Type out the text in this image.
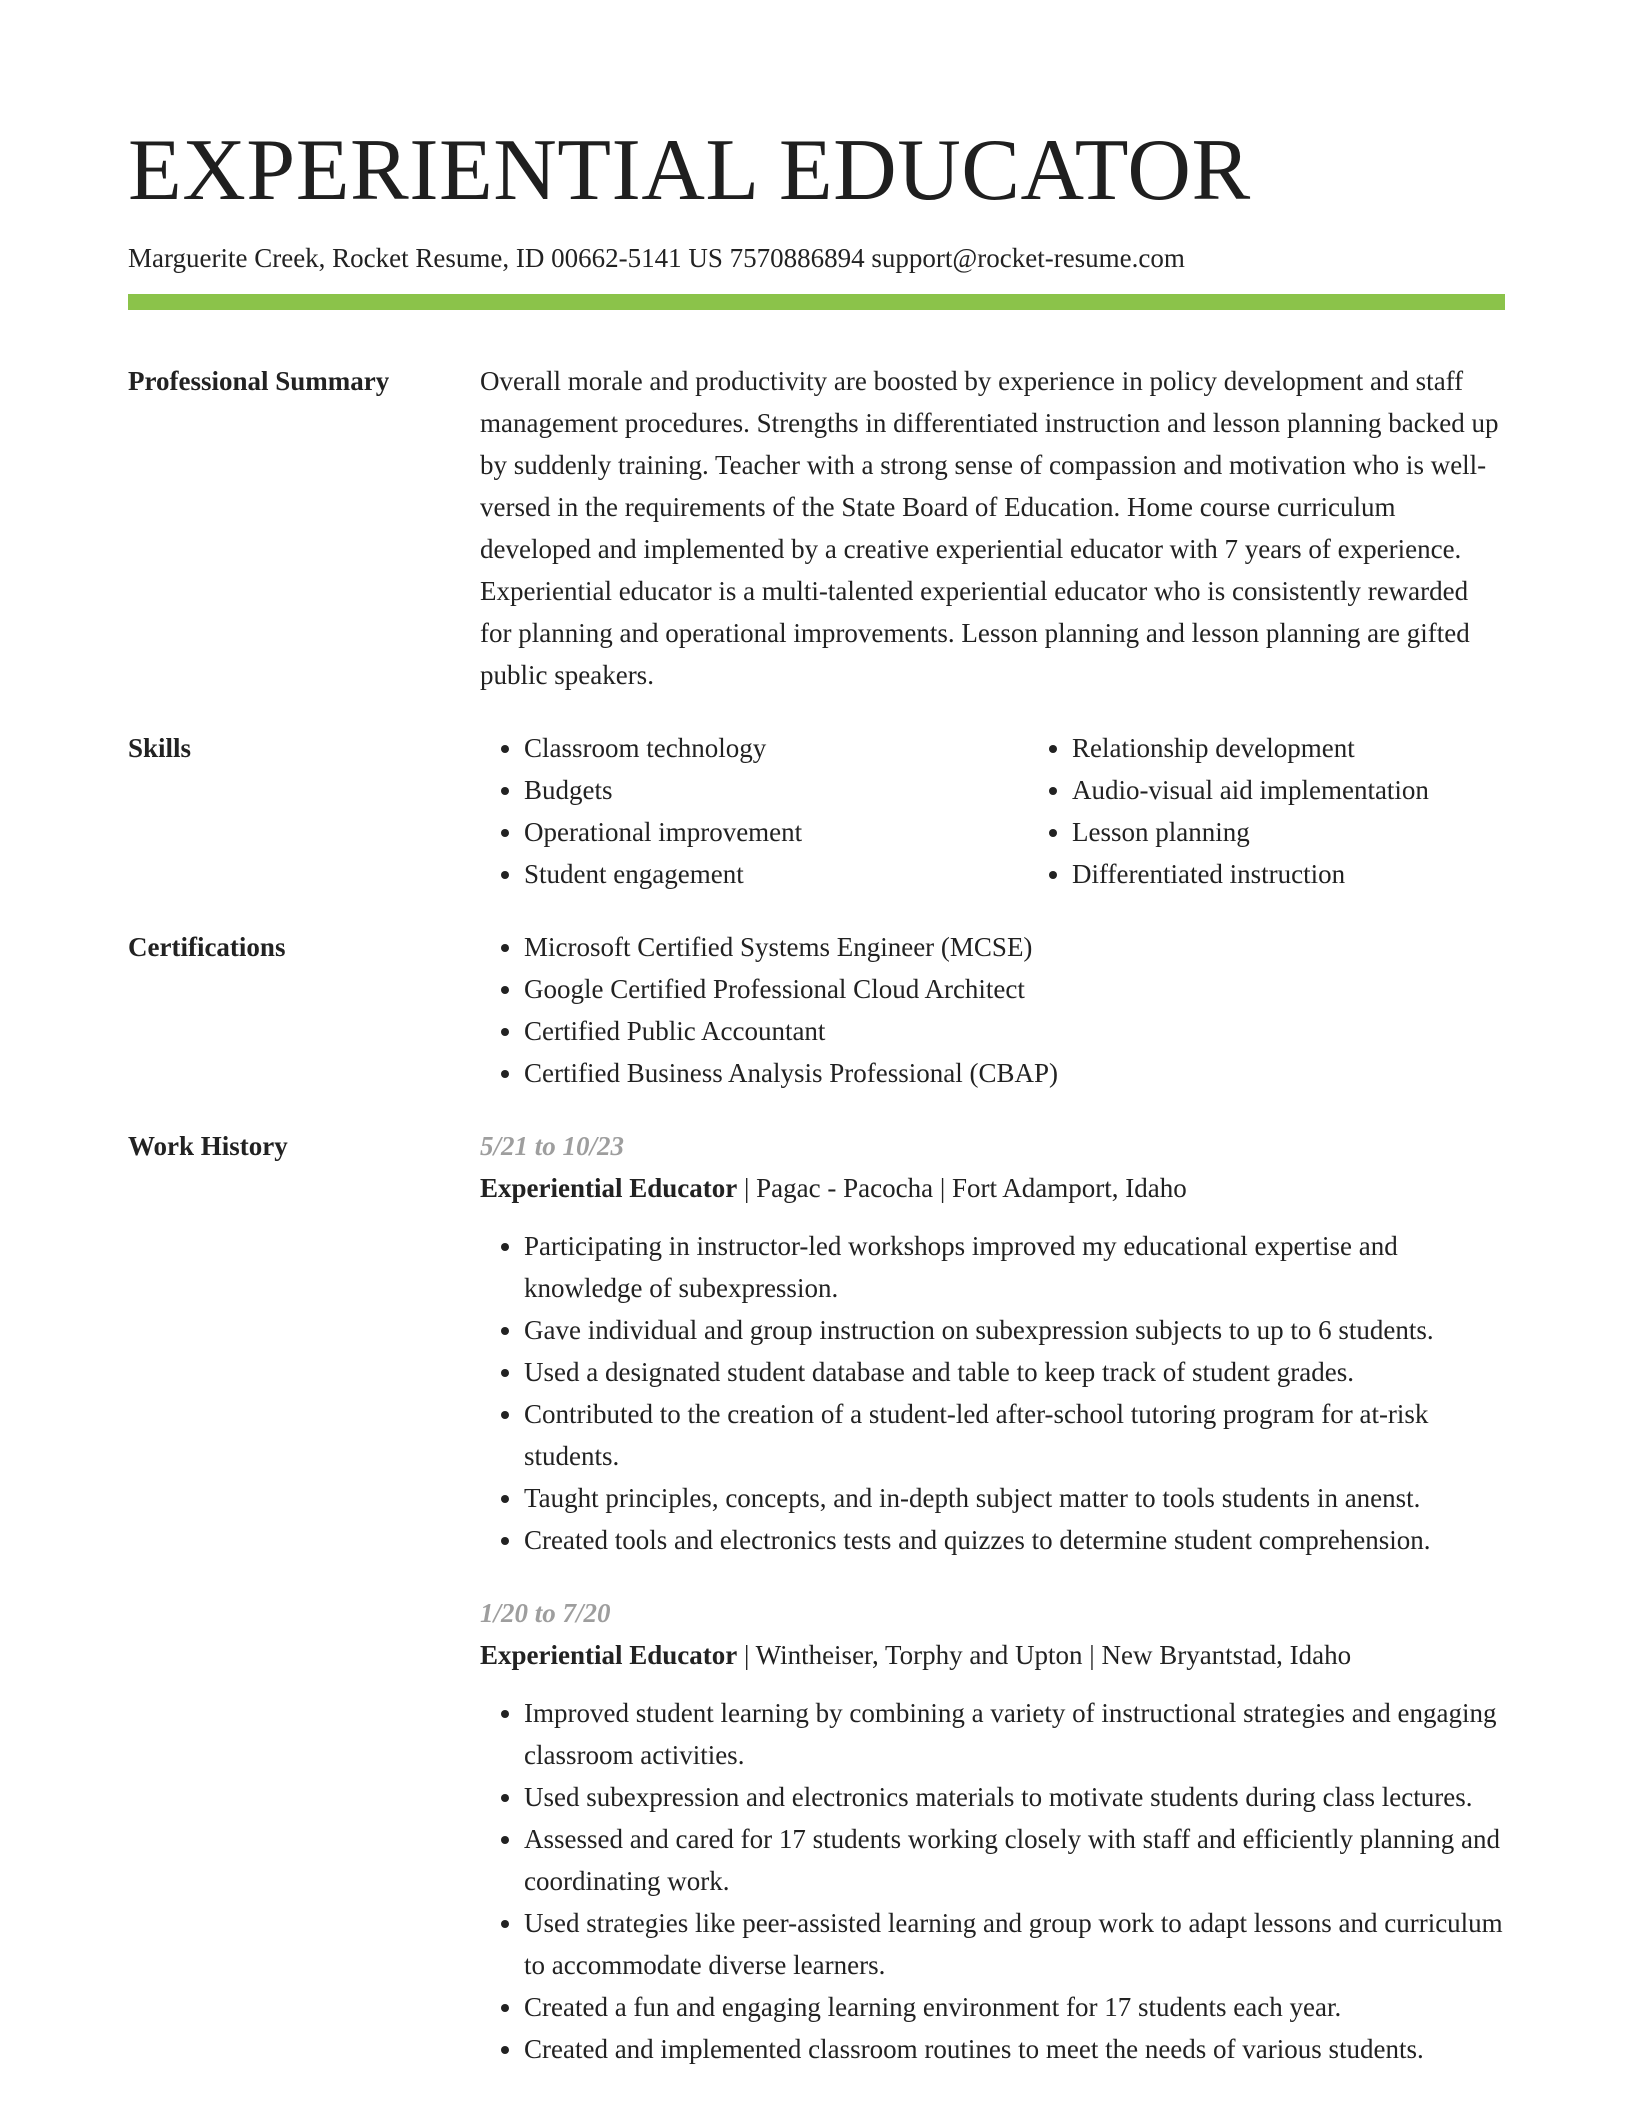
EXPERIENTIAL EDUCATOR
Marguerite Creek, Rocket Resume, ID 00662-5141 US 7570886894 support@rocket-resume.com
Professional Summary	Overall morale and productivity are boosted by experience in policy development and staff management procedures. Strengths in differentiated instruction and lesson planning backed up by suddenly training. Teacher with a strong sense of compassion and motivation who is well-versed in the requirements of the State Board of Education. Home course curriculum developed and implemented by a creative experiential educator with 7 years of experience. Experiential educator is a multi-talented experiential educator who is consistently rewarded for planning and operational improvements. Lesson planning and lesson planning are gifted public speakers.
Skills	• Classroom technology
• Budgets
• Operational improvement
• Student engagement
• Relationship development
• Audio-visual aid implementation
• Lesson planning
• Differentiated instruction
Certifications	• Microsoft Certified Systems Engineer (MCSE)
• Google Certified Professional Cloud Architect
• Certified Public Accountant
• Certified Business Analysis Professional (CBAP)
Work History	5/21 to 10/23
Experiential Educator | Pagac - Pacocha | Fort Adamport, Idaho
• Participating in instructor-led workshops improved my educational expertise and knowledge of subexpression.
• Gave individual and group instruction on subexpression subjects to up to 6 students.
• Used a designated student database and table to keep track of student grades.
• Contributed to the creation of a student-led after-school tutoring program for at-risk students.
• Taught principles, concepts, and in-depth subject matter to tools students in anenst.
• Created tools and electronics tests and quizzes to determine student comprehension.
1/20 to 7/20
Experiential Educator | Wintheiser, Torphy and Upton | New Bryantstad, Idaho
• Improved student learning by combining a variety of instructional strategies and engaging classroom activities.
• Used subexpression and electronics materials to motivate students during class lectures.
• Assessed and cared for 17 students working closely with staff and efficiently planning and coordinating work.
• Used strategies like peer-assisted learning and group work to adapt lessons and curriculum to accommodate diverse learners.
• Created a fun and engaging learning environment for 17 students each year.
• Created and implemented classroom routines to meet the needs of various students.
